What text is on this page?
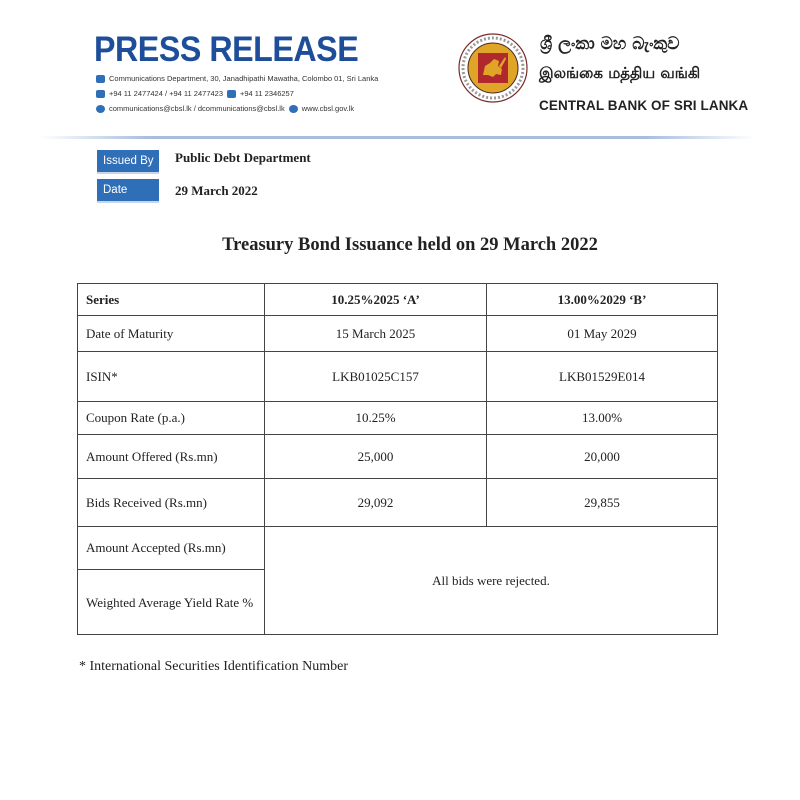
PRESS RELEASE
Communications Department, 30, Janadhipathi Mawatha, Colombo 01, Sri Lanka
+94 11 2477424 / +94 11 2477423 +94 11 2346257
communications@cbsl.lk / dcommunications@cbsl.lk www.cbsl.gov.lk
ශ්‍රී ලංකා මහ බැංකුව
இலங்கை மத்திய வங்கி
CENTRAL BANK OF SRI LANKA
Issued By	Public Debt Department
Date	29 March 2022
Treasury Bond Issuance held on 29 March 2022
Series	10.25%2025 ‘A’	13.00%2029 ‘B’
Date of Maturity	15 March 2025	01 May 2029
ISIN*	LKB01025C157	LKB01529E014
Coupon Rate (p.a.)	10.25%	13.00%
Amount Offered (Rs.mn)	25,000	20,000
Bids Received (Rs.mn)	29,092	29,855
Amount Accepted (Rs.mn)	All bids were rejected.	
Weighted Average Yield Rate %		
* International Securities Identification Number
